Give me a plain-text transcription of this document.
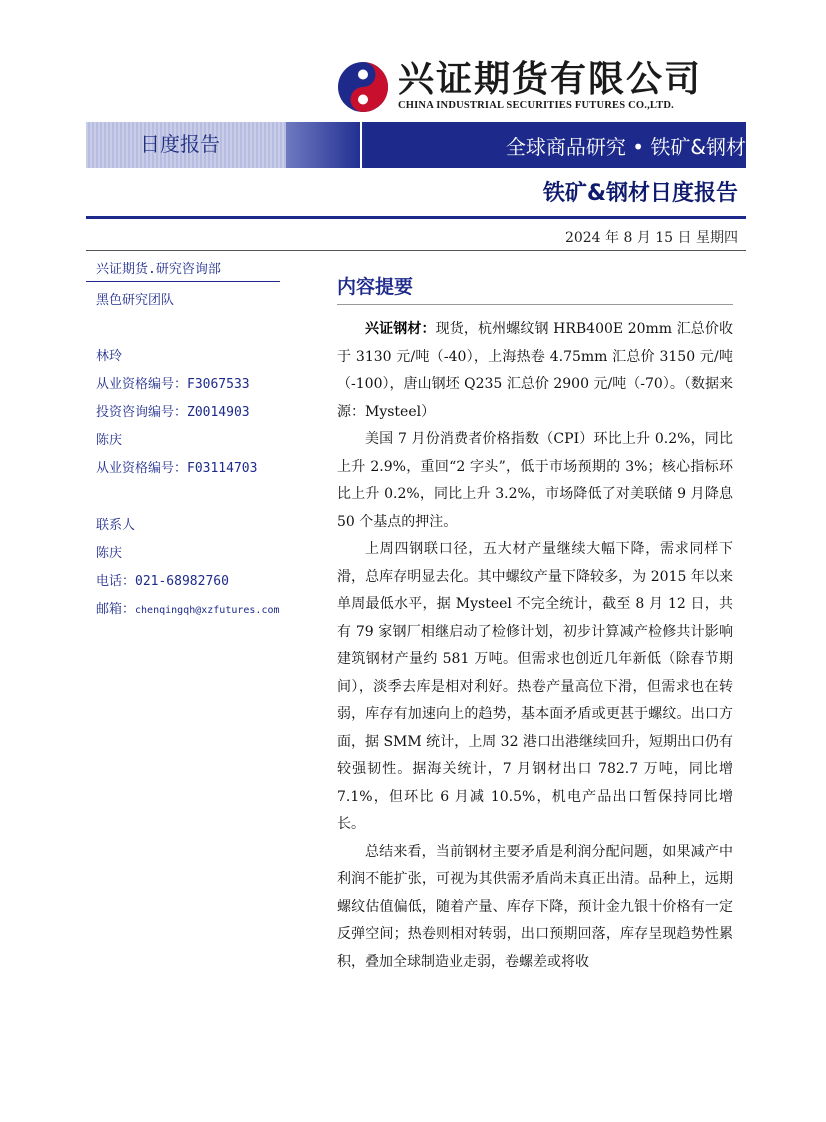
兴证期货有限公司
CHINA INDUSTRIAL SECURITIES FUTURES CO.,LTD.
日度报告	全球商品研究 • 铁矿&钢材
铁矿&钢材日度报告
2024 年 8 月 15 日 星期四
兴证期货.研究咨询部
黑色研究团队
林玲
从业资格编号：F3067533
投资咨询编号：Z0014903
陈庆
从业资格编号：F03114703
联系人
陈庆
电话：021-68982760
邮箱：chenqingqh@xzfutures.com
内容提要

兴证钢材：现货，杭州螺纹钢 HRB400E 20mm 汇总价收于 3130 元/吨（-40），上海热卷 4.75mm 汇总价 3150 元/吨（-100），唐山钢坯 Q235 汇总价 2900 元/吨（-70）。（数据来源：Mysteel）

美国 7 月份消费者价格指数（CPI）环比上升 0.2%，同比上升 2.9%，重回“2 字头”，低于市场预期的 3%；核心指标环比上升 0.2%，同比上升 3.2%，市场降低了对美联储 9 月降息 50 个基点的押注。

上周四钢联口径，五大材产量继续大幅下降，需求同样下滑，总库存明显去化。其中螺纹产量下降较多，为 2015 年以来单周最低水平，据 Mysteel 不完全统计，截至 8 月 12 日，共有 79 家钢厂相继启动了检修计划，初步计算减产检修共计影响建筑钢材产量约 581 万吨。但需求也创近几年新低（除春节期间），淡季去库是相对利好。热卷产量高位下滑，但需求也在转弱，库存有加速向上的趋势，基本面矛盾或更甚于螺纹。出口方面，据 SMM 统计，上周 32 港口出港继续回升，短期出口仍有较强韧性。据海关统计，7 月钢材出口 782.7 万吨，同比增 7.1%，但环比 6 月减 10.5%，机电产品出口暂保持同比增长。

总结来看，当前钢材主要矛盾是利润分配问题，如果减产中利润不能扩张，可视为其供需矛盾尚未真正出清。品种上，远期螺纹估值偏低，随着产量、库存下降，预计金九银十价格有一定反弹空间；热卷则相对转弱，出口预期回落，库存呈现趋势性累积，叠加全球制造业走弱，卷螺差或将收
